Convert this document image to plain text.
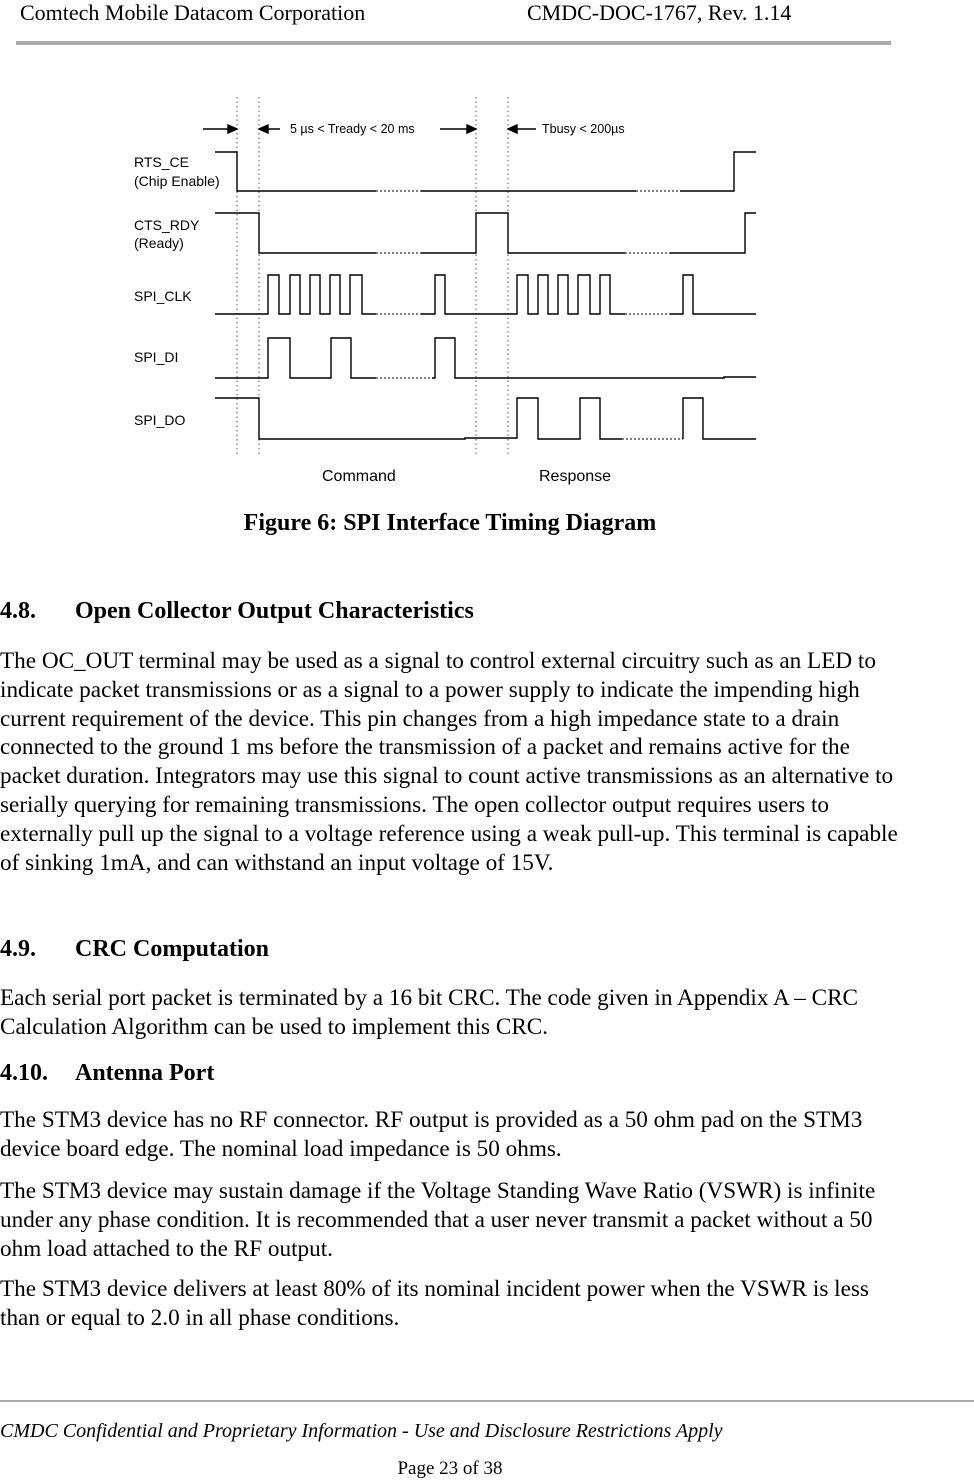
Comtech Mobile Datacom Corporation	CMDC-DOC-1767, Rev. 1.14
5 µs < Tready < 20 ms	Tbusy < 200µs
RTS_CE
(Chip Enable)
CTS_RDY
(Ready)
SPI_CLK
SPI_DI
SPI_DO
Command	Response
Figure 6: SPI Interface Timing Diagram
4.8. Open Collector Output Characteristics

The OC_OUT terminal may be used as a signal to control external circuitry such as an LED to indicate packet transmissions or as a signal to a power supply to indicate the impending high current requirement of the device. This pin changes from a high impedance state to a drain connected to the ground 1 ms before the transmission of a packet and remains active for the packet duration. Integrators may use this signal to count active transmissions as an alternative to serially querying for remaining transmissions. The open collector output requires users to externally pull up the signal to a voltage reference using a weak pull-up. This terminal is capable of sinking 1mA, and can withstand an input voltage of 15V.

4.9. CRC Computation

Each serial port packet is terminated by a 16 bit CRC. The code given in Appendix A – CRC Calculation Algorithm can be used to implement this CRC.

4.10. Antenna Port

The STM3 device has no RF connector. RF output is provided as a 50 ohm pad on the STM3 device board edge. The nominal load impedance is 50 ohms.

The STM3 device may sustain damage if the Voltage Standing Wave Ratio (VSWR) is infinite under any phase condition. It is recommended that a user never transmit a packet without a 50 ohm load attached to the RF output.

The STM3 device delivers at least 80% of its nominal incident power when the VSWR is less than or equal to 2.0 in all phase conditions.

CMDC Confidential and Proprietary Information - Use and Disclosure Restrictions Apply
Page 23 of 38
